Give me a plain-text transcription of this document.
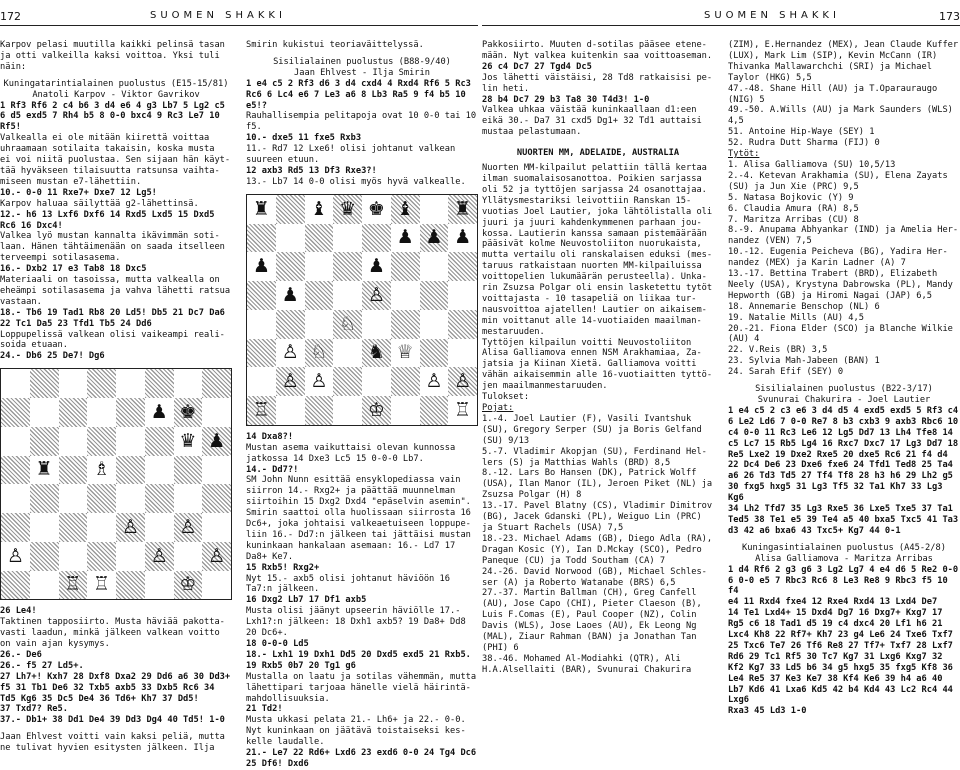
172	SUOMEN SHAKKI

Karpov pelasi muutilla kaikki pelinsä tasan
ja otti valkeilla kaksi voittoa. Yksi tuli
näin:

Kuningatarintialainen puolustus (E15-15/81)

Anatoli Karpov - Viktor Gavrikov

1 Rf3 Rf6 2 c4 b6 3 d4 e6 4 g3 Lb7 5 Lg2 c5
6 d5 exd5 7 Rh4 b5 8 0-0 bxc4 9 Rc3 Le7 10
Rf5!

Valkealla ei ole mitään kiirettä voittaa
uhraamaan sotilaita takaisin, koska musta
ei voi niitä puolustaa. Sen sijaan hän käyt-
tää hyväkseen tilaisuutta ratsunsa vaihta-
miseen mustan e7-lähettiin.

10.- 0-0 11 Rxe7+ Dxe7 12 Lg5!

Karpov haluaa säilyttää g2-lähettinsä.

12.- h6 13 Lxf6 Dxf6 14 Rxd5 Lxd5 15 Dxd5
Rc6 16 Dxc4!

Valkea lyö mustan kannalta ikävimmän soti-
laan. Hänen tähtäimenään on saada itselleen
terveempi sotilasasema.

16.- Dxb2 17 e3 Tab8 18 Dxc5

Materiaali on tasoissa, mutta valkealla on
eheämpi sotilasasema ja vahva lähetti ratsua
vastaan.

18.- Tb6 19 Tad1 Rb8 20 Ld5! Db5 21 Dc7 Da6
22 Tc1 Da5 23 Tfd1 Tb5 24 Dd6

Loppupelissä valkean olisi vaikeampi reali-
soida etuaan.

24.- Db6 25 De7! Dg6

♟ ♚
♛ ♟
♜ ♗
♙ ♙
♙	♙ ♙
♖ ♖	♔

26 Le4!

Taktinen tapposiirto. Musta häviää pakotta-
vasti laadun, minkä jälkeen valkean voitto
on vain ajan kysymys.

26.- De6
26.- f5 27 Ld5+.
27 Lh7+! Kxh7 28 Dxf8 Dxa2 29 Dd6 a6 30 Dd3+
f5 31 Tb1 De6 32 Txb5 axb5 33 Dxb5 Rc6 34
Td5 Kg6 35 Dc5 De4 36 Td6+ Kh7 37 Dd5!
37 Txd7? Re5.
37.- Db1+ 38 Dd1 De4 39 Dd3 Dg4 40 Td5! 1-0

Jaan Ehlvest voitti vain kaksi peliä, mutta
ne tulivat hyvien esitysten jälkeen. Ilja

Smirin kukistui teoriaväittelyssä.

Sisilialainen puolustus (B88-9/40)

Jaan Ehlvest - Ilja Smirin

1 e4 c5 2 Rf3 d6 3 d4 cxd4 4 Rxd4 Rf6 5 Rc3
Rc6 6 Lc4 e6 7 Le3 a6 8 Lb3 Ra5 9 f4 b5 10
e5!?

Rauhallisempia pelitapoja ovat 10 0-0 tai 10
f5.

10.- dxe5 11 fxe5 Rxb3

11.- Rd7 12 Lxe6! olisi johtanut valkean
suureen etuun.

12 axb3 Rd5 13 Df3 Rxe3?!

13.- Lb7 14 0-0 olisi myös hyvä valkealle.

♜ ♝ ♛ ♚ ♝ ♜
♟ ♟ ♟
♟	♟
♟	♙
♘
♙ ♘ ♞ ♕
♙ ♙	♙ ♙
♖	♔	♖

14 Dxa8?!

Mustan asema vaikuttaisi olevan kunnossa
jatkossa 14 Dxe3 Lc5 15 0-0-0 Lb7.

14.- Dd7?!

SM John Nunn esittää ensyklopediassa vain
siirron 14.- Rxg2+ ja päättää muunnelman
siirtoihin 15 Dxg2 Dxd4 "epäselvin asemin".
Smirin saattoi olla huolissaan siirrosta 16
Dc6+, joka johtaisi valkeaetuiseen loppupe-
liin 16.- Dd7:n jälkeen tai jättäisi mustan
kuninkaan hankalaan asemaan: 16.- Ld7 17
Da8+ Ke7.

15 Rxb5! Rxg2+

Nyt 15.- axb5 olisi johtanut häviöön 16
Ta7:n jälkeen.

16 Dxg2 Lb7 17 Df1 axb5

Musta olisi jäänyt upseerin häviölle 17.-
Lxh1?:n jälkeen: 18 Dxh1 axb5? 19 Da8+ Dd8
20 Dc6+.

18 0-0-0 Ld5
18.- Lxh1 19 Dxh1 Dd5 20 Dxd5 exd5 21 Rxb5.
19 Rxb5 0b7 20 Tg1 g6

Mustalla on laatu ja sotilas vähemmän, mutta
lähettipari tarjoaa hänelle vielä häirintä-
mahdollisuuksia.

21 Td2!

Musta ukkasi pelata 21.- Lh6+ ja 22.- 0-0.
Nyt kuninkaan on jäätävä toistaiseksi kes-
kelle laudalle.

21.- Le7 22 Rd6+ Lxd6 23 exd6 0-0 24 Tg4 Dc6
25 Df6! Dxd6

SUOMEN SHAKKI	173

Pakkosiirto. Muuten d-sotilas pääsee etene-
mään. Nyt valkea kuitenkin saa voittoaseman.

26 c4 Dc7 27 Tgd4 Dc5

Jos lähetti väistäisi, 28 Td8 ratkaisisi pe-
lin heti.

28 b4 Dc7 29 b3 Ta8 30 T4d3! 1-0

Valkea uhkaa väistää kuninkaallaan d1:een
eikä 30.- Da7 31 cxd5 Dg1+ 32 Td1 auttaisi
mustaa pelastumaan.

NUORTEN MM, ADELAIDE, AUSTRALIA

Nuorten MM-kilpailut pelattiin tällä kertaa
ilman suomalaisosanottoa. Poikien sarjassa
oli 52 ja tyttöjen sarjassa 24 osanottajaa.
Yllätysmestariksi leivottiin Ranskan 15-
vuotias Joel Lautier, joka lähtölistalla oli
juuri ja juuri kahdenkymmenen parhaan jou-
kossa. Lautierin kanssa samaan pistemäärään
pääsivät kolme Neuvostoliiton nuorukaista,
mutta vertailu oli ranskalaisen eduksi (mes-
taruus ratkaistaan nuorten MM-kilpailuissa
voittopelien lukumäärän perusteella). Unka-
rin Zsuzsa Polgar oli ensin lasketettu tytöt
voittajasta - 10 tasapeliä on liikaa tur-
nausvoittoa ajatellen! Lautier on aikaisem-
min voittanut alle 14-vuotiaiden maailman-
mestaruuden.
Tyttöjen kilpailun voitti Neuvostoliiton
Alisa Galliamova ennen NSM Arakhamiaa, Za-
jatsia ja Kiinan Xietä. Galliamova voitti
vähän aikaisemmin alle 16-vuotiaitten tyttö-
jen maailmanmestaruuden.
Tulokset:

Pojat:

1.-4. Joel Lautier (F), Vasili Ivantshuk
(SU), Gregory Serper (SU) ja Boris Gelfand
(SU) 9/13
5.-7. Vladimir Akopjan (SU), Ferdinand Hel-
lers (S) ja Matthias Wahls (BRD) 8,5
8.-12. Lars Bo Hansen (DK), Patrick Wolff
(USA), Ilan Manor (IL), Jeroen Piket (NL) ja
Zsuzsa Polgar (H) 8
13.-17. Pavel Blatny (CS), Vladimir Dimitrov
(BG), Jacek Gdanski (PL), Weiguo Lin (PRC)
ja Stuart Rachels (USA) 7,5
18.-23. Michael Adams (GB), Diego Adla (RA),
Dragan Kosic (Y), Ian D.Mckay (SCO), Pedro
Paneque (CU) ja Todd Southam (CA) 7
24.-26. David Norwood (GB), Michael Schles-
ser (A) ja Roberto Watanabe (BRS) 6,5
27.-37. Martin Ballman (CH), Greg Canfell
(AU), Jose Capo (CHI), Pieter Claeson (B),
Luis F.Comas (E), Paul Cooper (NZ), Colin
Davis (WLS), Jose Laoes (AU), Ek Leong Ng
(MAL), Ziaur Rahman (BAN) ja Jonathan Tan
(PHI) 6
38.-46. Mohamed Al-Modiahki (QTR), Ali
H.A.Alsellaiti (BAR), Svunurai Chakurira

(ZIM), E.Hernandez (MEX), Jean Claude Kuffer
(LUX), Mark Lim (SIP), Kevin McCann (IR)
Thivanka Mallawarchchi (SRI) ja Michael
Taylor (HKG) 5,5
47.-48. Shane Hill (AU) ja T.Oparauraugo
(NIG) 5
49.-50. A.Wills (AU) ja Mark Saunders (WLS)
4,5
51. Antoine Hip-Waye (SEY) 1
52. Rudra Dutt Sharma (FIJ) 0

Tytöt:

1. Alisa Galliamova (SU) 10,5/13
2.-4. Ketevan Arakhamia (SU), Elena Zayats
(SU) ja Jun Xie (PRC) 9,5
5. Natasa Bojkovic (Y) 9
6. Claudia Amura (RA) 8,5
7. Maritza Arribas (CU) 8
8.-9. Anupama Abhyankar (IND) ja Amelia Her-
nandez (VEN) 7,5
10.-12. Eugenia Peicheva (BG), Yadira Her-
nandez (MEX) ja Karin Ladner (A) 7
13.-17. Bettina Trabert (BRD), Elizabeth
Neely (USA), Krystyna Dabrowska (PL), Mandy
Hepworth (GB) ja Hiromi Nagai (JAP) 6,5
18. Annemarie Benschop (NL) 6
19. Natalie Mills (AU) 4,5
20.-21. Fiona Elder (SCO) ja Blanche Wilkie
(AU) 4
22. V.Reis (BR) 3,5
23. Sylvia Mah-Jabeen (BAN) 1
24. Sarah Efif (SEY) 0

Sisilialainen puolustus (B22-3/17)

Svunurai Chakurira - Joel Lautier

1 e4 c5 2 c3 e6 3 d4 d5 4 exd5 exd5 5 Rf3 c4
6 Le2 Ld6 7 0-0 Re7 8 b3 cxb3 9 axb3 Rbc6 10
c4 0-0 11 Rc3 Le6 12 Lg5 Dd7 13 Lh4 Tfe8 14
c5 Lc7 15 Rb5 Lg4 16 Rxc7 Dxc7 17 Lg3 Dd7 18
Re5 Lxe2 19 Dxe2 Rxe5 20 dxe5 Rc6 21 f4 d4
22 Dc4 De6 23 Dxe6 fxe6 24 Tfd1 Ted8 25 Ta4
a6 26 Td3 Td5 27 Tf4 Tf8 28 h3 h6 29 Lh2 g5
30 fxg5 hxg5 31 Lg3 Tf5 32 Ta1 Kh7 33 Lg3 Kg6
34 Lh2 Tfd7 35 Lg3 Rxe5 36 Lxe5 Txe5 37 Ta1
Ted5 38 Te1 e5 39 Te4 a5 40 bxa5 Txc5 41 Ta3
d3 42 a6 bxa6 43 Txc5+ Kg7 44 0-1

Kuningasintialainen puolustus (A45-2/8)

Alisa Galliamova - Maritza Arribas

1 d4 Rf6 2 g3 g6 3 Lg2 Lg7 4 e4 d6 5 Re2 0-0
6 0-0 e5 7 Rbc3 Rc6 8 Le3 Re8 9 Rbc3 f5 10 f4
e4 11 Rxd4 fxe4 12 Rxe4 Rxd4 13 Lxd4 De7
14 Te1 Lxd4+ 15 Dxd4 Dg7 16 Dxg7+ Kxg7 17
Rg5 c6 18 Tad1 d5 19 c4 dxc4 20 Lf1 h6 21
Lxc4 Kh8 22 Rf7+ Kh7 23 g4 Le6 24 Txe6 Txf7
25 Txc6 Te7 26 Tf6 Re8 27 Tf7+ Txf7 28 Lxf7
Rd6 29 Tc1 Rf5 30 Tc7 Kg7 31 Lxg6 Kxg7 32
Kf2 Kg7 33 Ld5 b6 34 g5 hxg5 35 fxg5 Kf8 36
Le4 Re5 37 Ke3 Ke7 38 Kf4 Ke6 39 h4 a6 40
Lb7 Kd6 41 Lxa6 Kd5 42 b4 Kd4 43 Lc2 Rc4 44 Lxg6
Rxa3 45 Ld3 1-0
